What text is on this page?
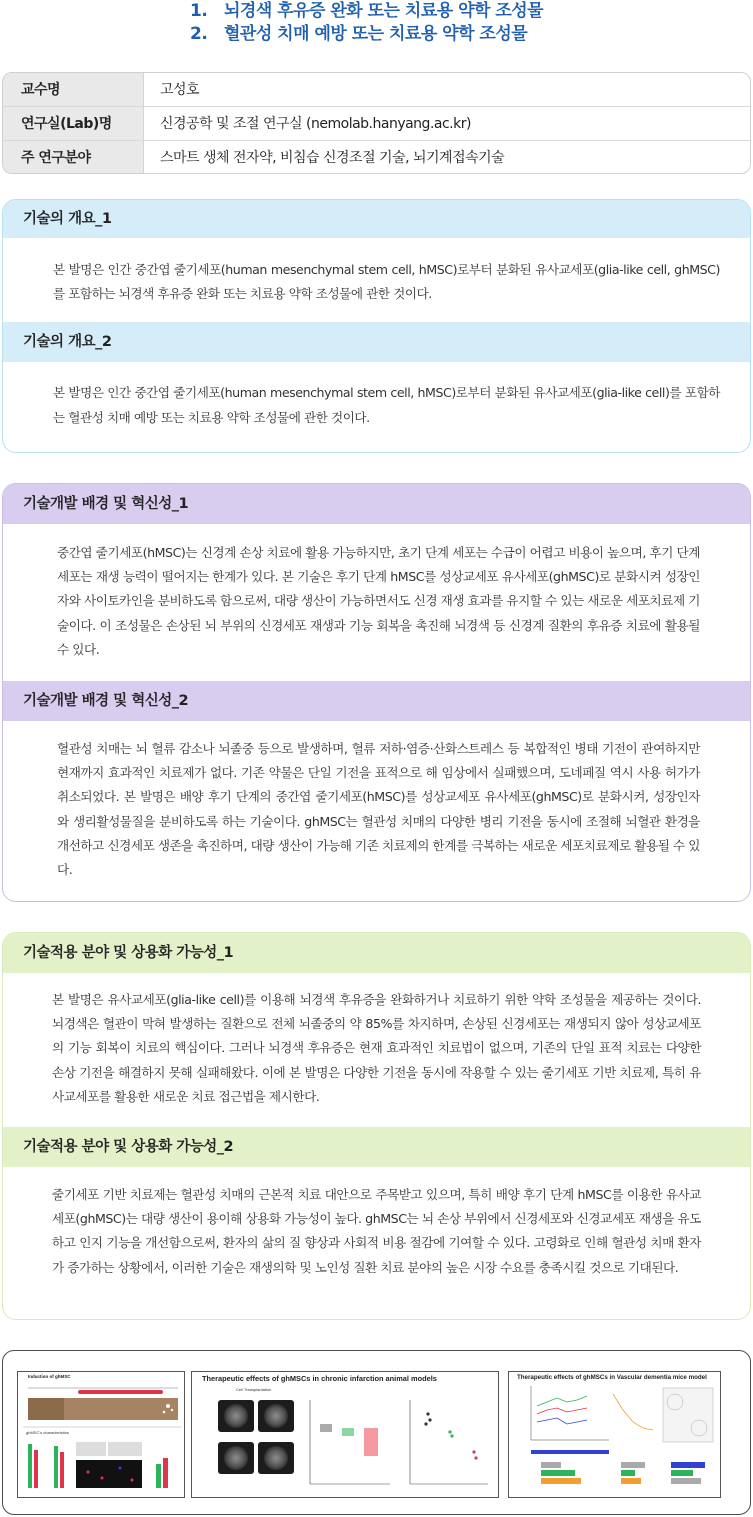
1. 뇌경색 후유증 완화 또는 치료용 약학 조성물
2. 혈관성 치매 예방 또는 치료용 약학 조성물
교수명	고성호
연구실(Lab)명	신경공학 및 조절 연구실 (nemolab.hanyang.ac.kr)
주 연구분야	스마트 생체 전자약, 비침습 신경조절 기술, 뇌기계접속기술
기술의 개요_1

본 발명은 인간 중간엽 줄기세포(human mesenchymal stem cell, hMSC)로부터 분화된 유사교세포(glia-like cell, ghMSC)를 포함하는 뇌경색 후유증 완화 또는 치료용 약학 조성물에 관한 것이다.

기술의 개요_2

본 발명은 인간 중간엽 줄기세포(human mesenchymal stem cell, hMSC)로부터 분화된 유사교세포(glia-like cell)를 포함하는 혈관성 치매 예방 또는 치료용 약학 조성물에 관한 것이다.

기술개발 배경 및 혁신성_1

중간엽 줄기세포(hMSC)는 신경계 손상 치료에 활용 가능하지만, 초기 단계 세포는 수급이 어렵고 비용이 높으며, 후기 단계 세포는 재생 능력이 떨어지는 한계가 있다. 본 기술은 후기 단계 hMSC를 성상교세포 유사세포(ghMSC)로 분화시켜 성장인자와 사이토카인을 분비하도록 함으로써, 대량 생산이 가능하면서도 신경 재생 효과를 유지할 수 있는 새로운 세포치료제 기술이다. 이 조성물은 손상된 뇌 부위의 신경세포 재생과 기능 회복을 촉진해 뇌경색 등 신경계 질환의 후유증 치료에 활용될 수 있다.

기술개발 배경 및 혁신성_2

혈관성 치매는 뇌 혈류 감소나 뇌졸중 등으로 발생하며, 혈류 저하·염증·산화스트레스 등 복합적인 병태 기전이 관여하지만 현재까지 효과적인 치료제가 없다. 기존 약물은 단일 기전을 표적으로 해 임상에서 실패했으며, 도네페질 역시 사용 허가가 취소되었다. 본 발명은 배양 후기 단계의 중간엽 줄기세포(hMSC)를 성상교세포 유사세포(ghMSC)로 분화시켜, 성장인자와 생리활성물질을 분비하도록 하는 기술이다. ghMSC는 혈관성 치매의 다양한 병리 기전을 동시에 조절해 뇌혈관 환경을 개선하고 신경세포 생존을 촉진하며, 대량 생산이 가능해 기존 치료제의 한계를 극복하는 새로운 세포치료제로 활용될 수 있다.

기술적용 분야 및 상용화 가능성_1

본 발명은 유사교세포(glia-like cell)를 이용해 뇌경색 후유증을 완화하거나 치료하기 위한 약학 조성물을 제공하는 것이다. 뇌경색은 혈관이 막혀 발생하는 질환으로 전체 뇌졸중의 약 85%를 차지하며, 손상된 신경세포는 재생되지 않아 성상교세포의 기능 회복이 치료의 핵심이다. 그러나 뇌경색 후유증은 현재 효과적인 치료법이 없으며, 기존의 단일 표적 치료는 다양한 손상 기전을 해결하지 못해 실패해왔다. 이에 본 발명은 다양한 기전을 동시에 작용할 수 있는 줄기세포 기반 치료제, 특히 유사교세포를 활용한 새로운 치료 접근법을 제시한다.

기술적용 분야 및 상용화 가능성_2

줄기세포 기반 치료제는 혈관성 치매의 근본적 치료 대안으로 주목받고 있으며, 특히 배양 후기 단계 hMSC를 이용한 유사교세포(ghMSC)는 대량 생산이 용이해 상용화 가능성이 높다. ghMSC는 뇌 손상 부위에서 신경세포와 신경교세포 재생을 유도하고 인지 기능을 개선함으로써, 환자의 삶의 질 향상과 사회적 비용 절감에 기여할 수 있다. 고령화로 인해 혈관성 치매 환자가 증가하는 상황에서, 이러한 기술은 재생의학 및 노인성 질환 치료 분야의 높은 시장 수요를 충족시킬 것으로 기대된다.

Induction of ghMSC
ghMSC's characteristics
Therapeutic effects of ghMSCs in chronic infarction animal models
Cell Transplantation
Therapeutic effects of ghMSCs in Vascular dementia mice model
